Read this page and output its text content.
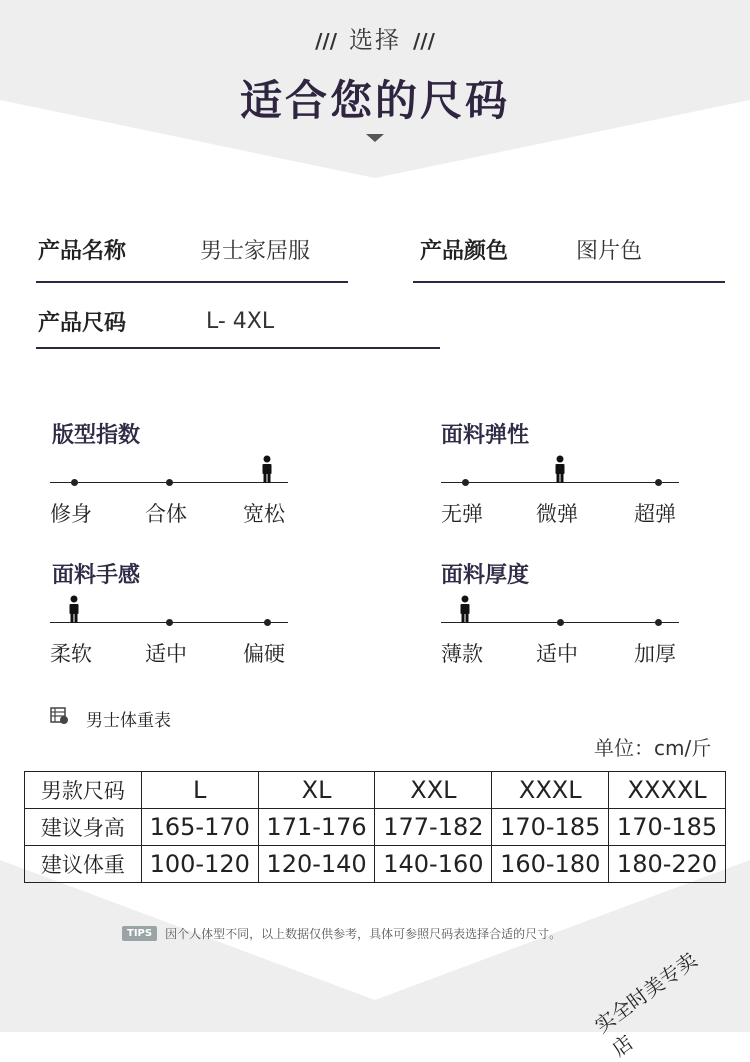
/// 选择 ///
适合您的尺码
产品名称	男士家居服	产品颜色	图片色
产品尺码	L- 4XL
版型指数
修身	合体	宽松
面料弹性
无弹	微弹	超弹
面料手感
柔软	适中	偏硬
面料厚度
薄款	适中	加厚
男士体重表
单位：cm/斤
男款尺码	L	XL	XXL	XXXL	XXXXL
建议身高	165-170	171-176	177-182	170-185	170-185
建议体重	100-120	120-140	140-160	160-180	180-220
TIPS	因个人体型不同，以上数据仅供参考，具体可参照尺码表选择合适的尺寸。
实全时美专卖店
